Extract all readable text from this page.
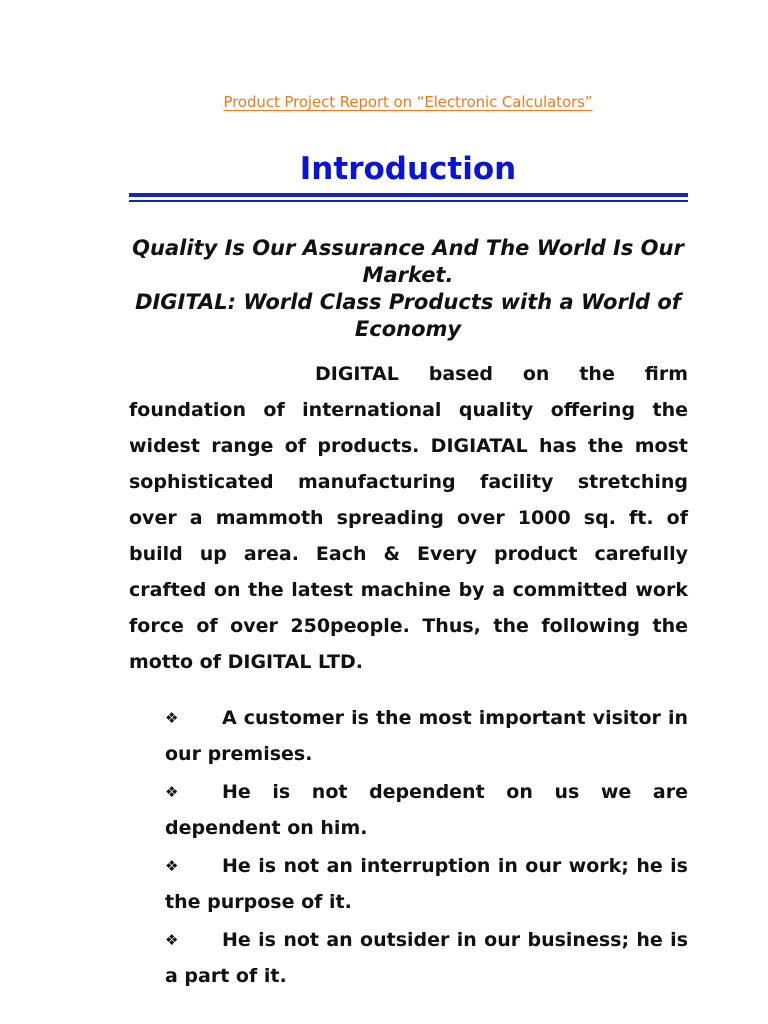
Product Project Report on “Electronic Calculators”
Introduction
Quality Is Our Assurance And The World Is Our Market.
DIGITAL: World Class Products with a World of Economy

DIGITAL based on the firm foundation of international quality offering the widest range of products. DIGIATAL has the most sophisticated manufacturing facility stretching over a mammoth spreading over 1000 sq. ft. of build up area. Each & Every product carefully crafted on the latest machine by a committed work force of over 250people. Thus, the following the motto of DIGITAL LTD.

❖ A customer is the most important visitor in our premises.
❖ He is not dependent on us we are dependent on him.
❖ He is not an interruption in our work; he is the purpose of it.
❖ He is not an outsider in our business; he is a part of it.
